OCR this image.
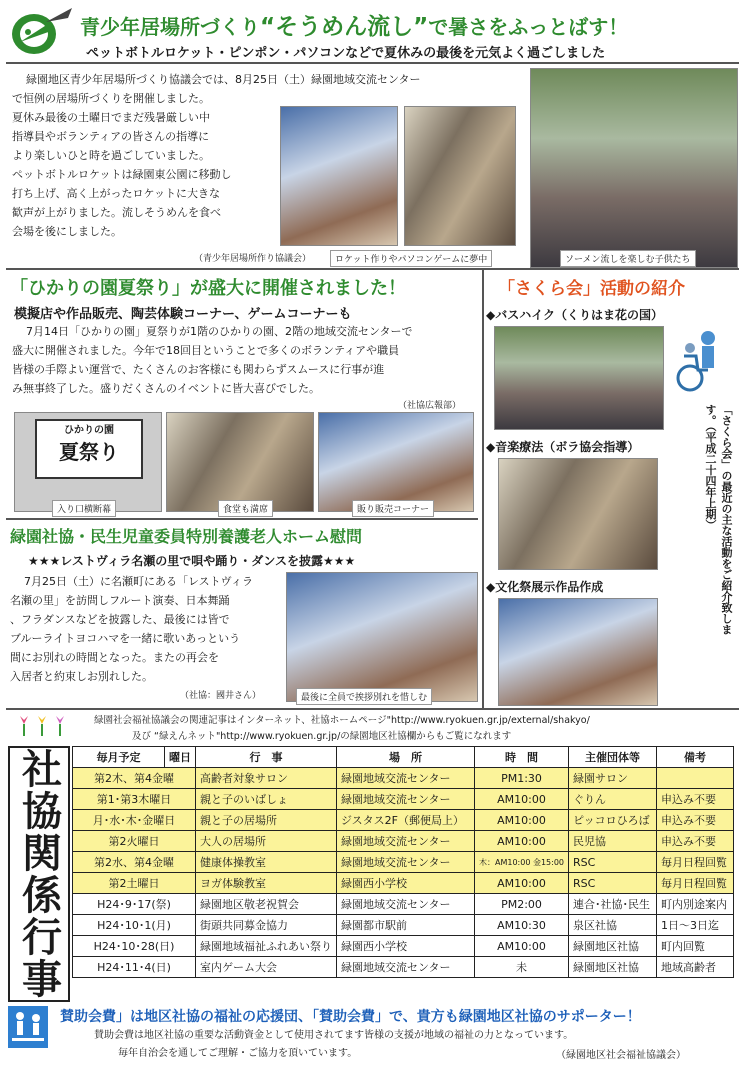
青少年居場所づくり“そうめん流し”で暑さをふっとばす！
ペットボトルロケット・ピンポン・パソコンなどで夏休みの最後を元気よく過ごしました
緑園地区青少年居場所づくり協議会では、8月25日（土）緑園地域交流センター
で恒例の居場所づくりを開催しました。
夏休み最後の土曜日でまだ残暑厳しい中
指導員やボランティアの皆さんの指導に
より楽しいひと時を過ごしていました。
ペットボトルロケットは緑園東公園に移動し
打ち上げ、高く上がったロケットに大きな
歓声が上がりました。流しそうめんを食べ
会場を後にしました。
（青少年居場所作り協議会）	ロケット作りやパソコンゲームに夢中	ソーメン流しを楽しむ子供たち
「ひかりの園夏祭り」が盛大に開催されました！
模擬店や作品販売、陶芸体験コーナー、ゲームコーナーも
7月14日「ひかりの園」夏祭りが1階のひかりの園、2階の地域交流センターで
盛大に開催されました。今年で18回目ということで多くのボランティアや職員
皆様の手際よい運営で、たくさんのお客様にも関わらずスムースに行事が進
み無事終了した。盛りだくさんのイベントに皆大喜びでした。
（社協広報部）
ひかりの園
夏祭り
入り口横断幕	食堂も満席	販り販売コーナー
緑園社協・民生児童委員特別養護老人ホーム慰問
★★★レストヴィラ名瀬の里で唄や踊り・ダンスを披露★★★
7月25日（土）に名瀬町にある「レストヴィラ
名瀬の里」を訪問しフルート演奏、日本舞踊
、フラダンスなどを披露した、最後には皆で
ブルーライトヨコハマを一緒に歌いあっという
間にお別れの時間となった。またの再会を
入居者と約束しお別れした。
（社協：國井さん）	最後に全員で挨拶別れを惜しむ
「さくら会」活動の紹介
◆バスハイク（くりはま花の国）
◆音楽療法（ボラ協会指導）
◆文化祭展示作品作成	「さくら会」の最近の主な活動をご紹介致します。（平成二十四年上期）
緑園社会福祉協議会の関連記事はインターネット、社協ホームページ"http://www.ryokuen.gr.jp/external/shakyo/
及び “緑えんネット"http://www.ryokuen.gr.jp/の緑園地区社協欄からもご覧になれます
社協関係行事	毎月予定	曜日	行　事	場　所	時　間	主催団体等	備考
第2木、第4金曜		高齢者対象サロン	緑園地域交流センター	PM1:30	緑園サロン	
第1･第3木曜日		親と子のいばしょ	緑園地域交流センター	AM10:00	ぐりん	申込み不要
月･水･木･金曜日		親と子の居場所	ジスタス2F（郵便局上）	AM10:00	ピッコロひろば	申込み不要
第2火曜日		大人の居場所	緑園地域交流センター	AM10:00	民児協	申込み不要
第2水、第4金曜		健康体操教室	緑園地域交流センター	木：AM10:00 金15:00	RSC	毎月日程回覧
第2土曜日		ヨガ体験教室	緑園西小学校	AM10:00	RSC	毎月日程回覧
H24･9･17(祭)		緑園地区敬老祝賀会	緑園地域交流センター	PM2:00	連合･社協･民生	町内別途案内
H24･10･1(月)		街頭共同募金協力	緑園都市駅前	AM10:30	泉区社協	1日～3日迄
H24･10･28(日)		緑園地域福祉ふれあい祭り	緑園西小学校	AM10:00	緑園地区社協	町内回覧
H24･11･4(日)		室内ゲーム大会	緑園地域交流センター	未	緑園地区社協	地域高齢者
賛助会費」は地区社協の福祉の応援団、「賛助会費」で、貴方も緑園地区社協のサポーター！
賛助会費は地区社協の重要な活動資金として使用されてます皆様の支援が地域の福祉の力となっています。
毎年自治会を通してご理解・ご協力を頂いています。	（緑園地区社会福祉協議会）
